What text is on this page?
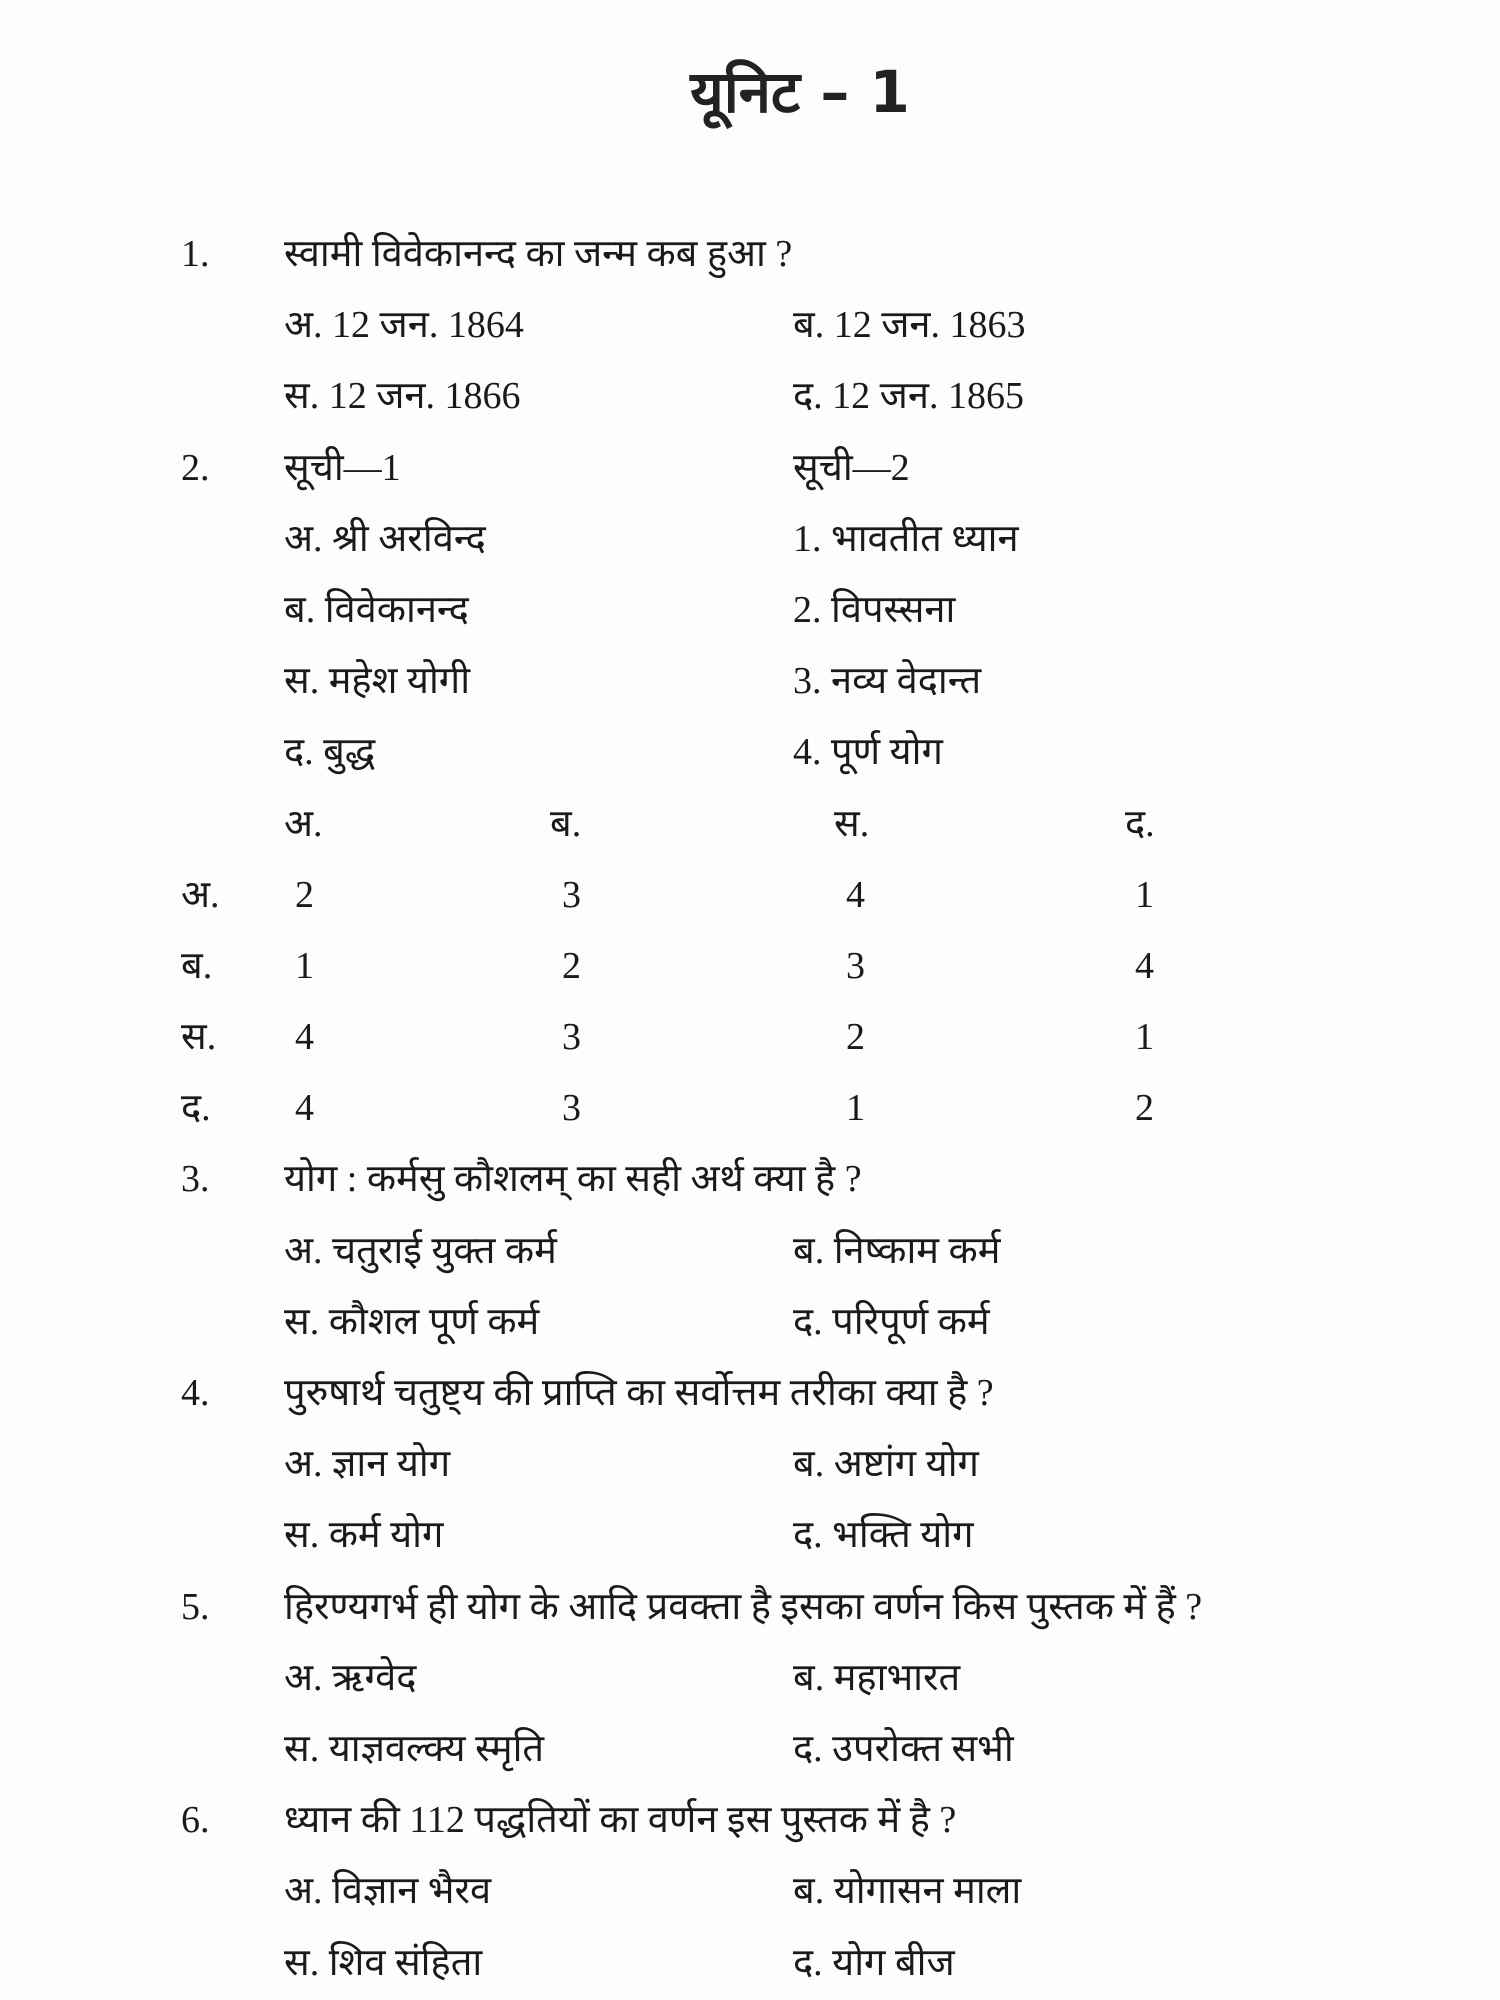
यूनिट – 1
1. स्वामी विवेकानन्द का जन्म कब हुआ ?
अ. 12 जन. 1864	ब. 12 जन. 1863
स. 12 जन. 1866	द. 12 जन. 1865
2. सूची—1	सूची—2
अ. श्री अरविन्द	1. भावतीत ध्यान
ब. विवेकानन्द	2. विपस्सना
स. महेश योगी	3. नव्य वेदान्त
द. बुद्ध	4. पूर्ण योग
अ.	ब.	स.	द.
अ. 2	3	4	1
ब. 1	2	3	4
स. 4	3	2	1
द. 4	3	1	2
3. योग : कर्मसु कौशलम् का सही अर्थ क्या है ?
अ. चतुराई युक्त कर्म	ब. निष्काम कर्म
स. कौशल पूर्ण कर्म	द. परिपूर्ण कर्म
4. पुरुषार्थ चतुष्ट्य की प्राप्ति का सर्वोत्तम तरीका क्या है ?
अ. ज्ञान योग	ब. अष्टांग योग
स. कर्म योग	द. भक्ति योग
5. हिरण्यगर्भ ही योग के आदि प्रवक्ता है इसका वर्णन किस पुस्तक में हैं ?
अ. ऋग्वेद	ब. महाभारत
स. याज्ञवल्क्य स्मृति	द. उपरोक्त सभी
6. ध्यान की 112 पद्धतियों का वर्णन इस पुस्तक में है ?
अ. विज्ञान भैरव	ब. योगासन माला
स. शिव संहिता	द. योग बीज
